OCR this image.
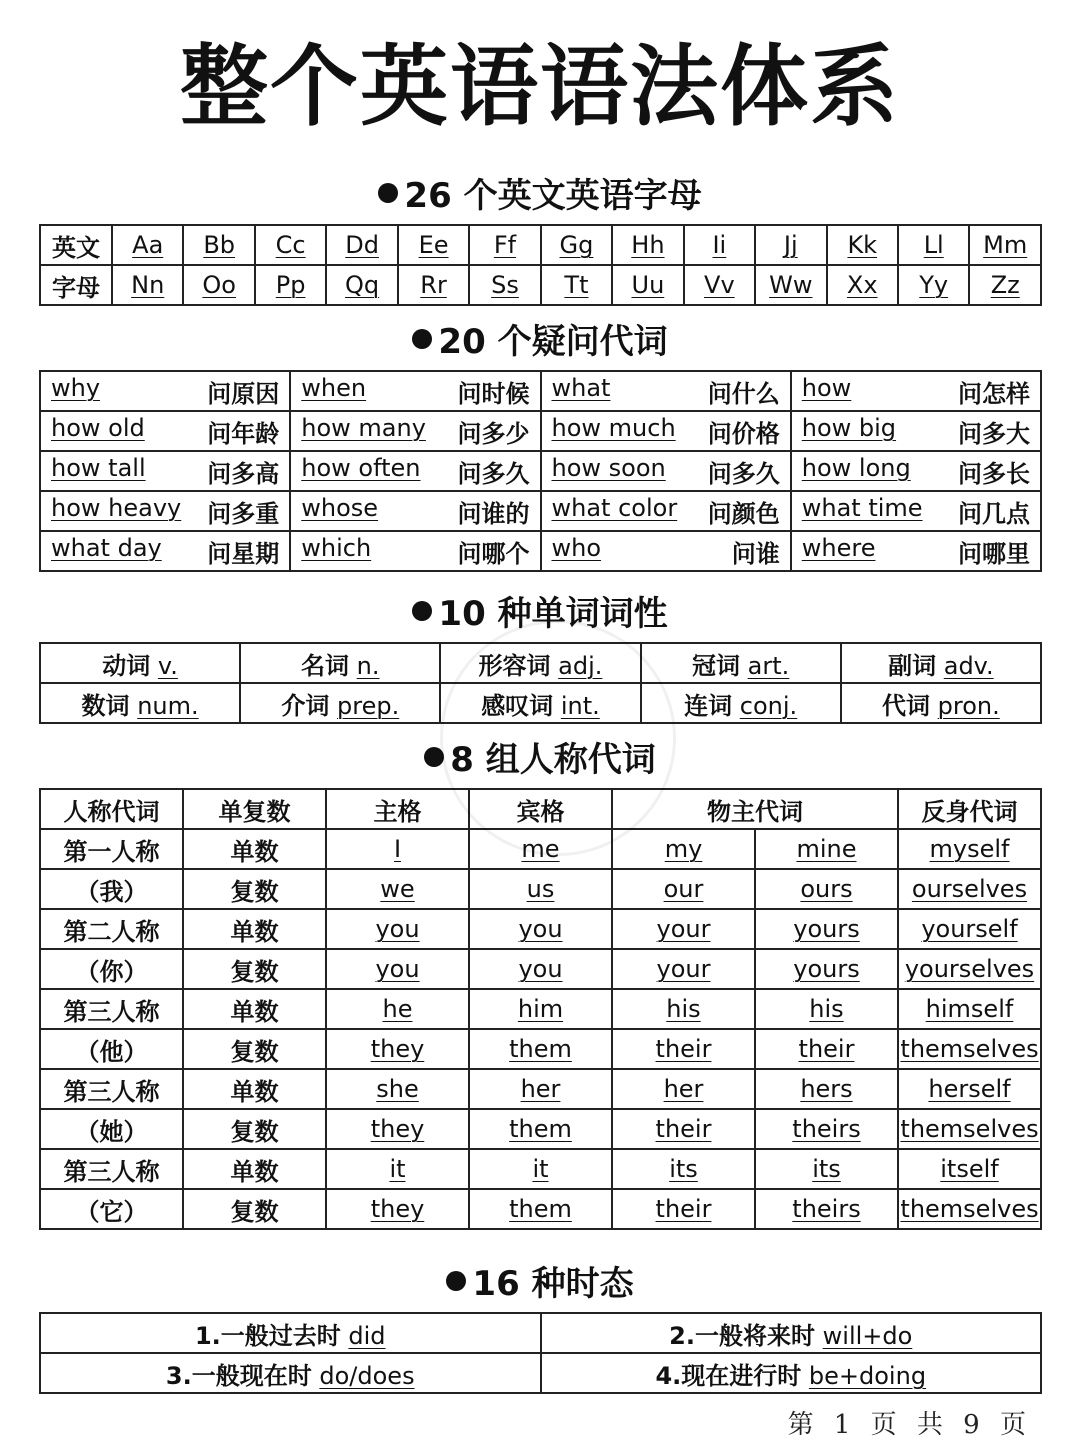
整个英语语法体系
26 个英文英语字母
英文	Aa	Bb	Cc	Dd	Ee	Ff	Gg	Hh	Ii	Jj	Kk	Ll	Mm
字母	Nn	Oo	Pp	Qq	Rr	Ss	Tt	Uu	Vv	Ww	Xx	Yy	Zz
20 个疑问代词
why 问原因	when 问时候	what 问什么	how 问怎样

how old 问年龄	how many 问多少	how much 问价格	how big 问多大

how tall 问多高	how often 问多久	how soon 问多久	how long 问多长

how heavy 问多重	whose 问谁的	what color 问颜色	what time 问几点

what day 问星期	which 问哪个	who 问谁	where 问哪里
10 种单词词性
动词 v.	名词 n.	形容词 adj.	冠词 art.	副词 adv.
数词 num.	介词 prep.	感叹词 int.	连词 conj.	代词 pron.
8 组人称代词
人称代词	单复数	主格	宾格	物主代词		反身代词
第一人称	单数	I	me	my	mine	myself
（我）	复数	we	us	our	ours	ourselves
第二人称	单数	you	you	your	yours	yourself
（你）	复数	you	you	your	yours	yourselves
第三人称	单数	he	him	his	his	himself
（他）	复数	they	them	their	their	themselves
第三人称	单数	she	her	her	hers	herself
（她）	复数	they	them	their	theirs	themselves
第三人称	单数	it	it	its	its	itself
（它）	复数	they	them	their	theirs	themselves
16 种时态
1.一般过去时 did	2.一般将来时 will+do
3.一般现在时 do/does	4.现在进行时 be+doing
第 1 页 共 9 页
